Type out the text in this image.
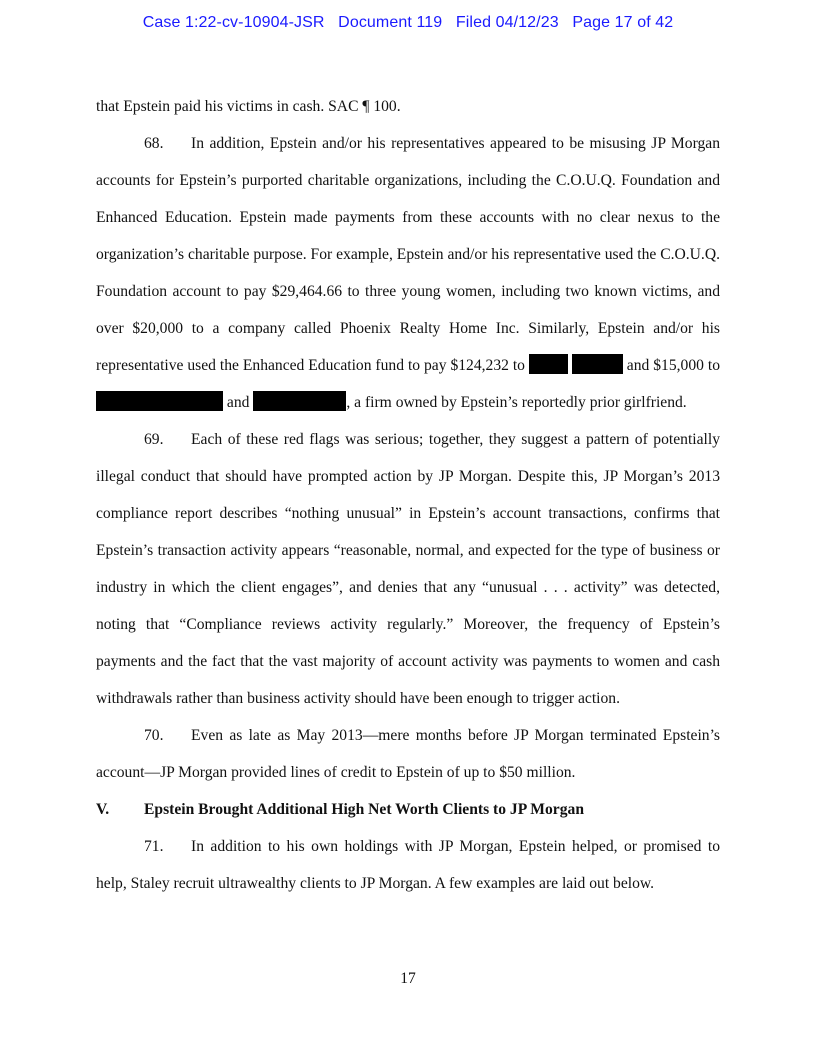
Case 1:22-cv-10904-JSR Document 119 Filed 04/12/23 Page 17 of 42

that Epstein paid his victims in cash. SAC ¶ 100.

68. In addition, Epstein and/or his representatives appeared to be misusing JP Morgan accounts for Epstein’s purported charitable organizations, including the C.O.U.Q. Foundation and Enhanced Education. Epstein made payments from these accounts with no clear nexus to the organization’s charitable purpose. For example, Epstein and/or his representative used the C.O.U.Q. Foundation account to pay $29,464.66 to three young women, including two known victims, and over $20,000 to a company called Phoenix Realty Home Inc. Similarly, Epstein and/or his representative used the Enhanced Education fund to pay $124,232 to	and $15,000 to  and	, a firm owned by Epstein’s reportedly prior girlfriend.

69. Each of these red flags was serious; together, they suggest a pattern of potentially illegal conduct that should have prompted action by JP Morgan. Despite this, JP Morgan’s 2013 compliance report describes “nothing unusual” in Epstein’s account transactions, confirms that Epstein’s transaction activity appears “reasonable, normal, and expected for the type of business or industry in which the client engages”, and denies that any “unusual . . . activity” was detected, noting that “Compliance reviews activity regularly.” Moreover, the frequency of Epstein’s payments and the fact that the vast majority of account activity was payments to women and cash withdrawals rather than business activity should have been enough to trigger action.

70. Even as late as May 2013—mere months before JP Morgan terminated Epstein’s account—JP Morgan provided lines of credit to Epstein of up to $50 million.

V. Epstein Brought Additional High Net Worth Clients to JP Morgan

71. In addition to his own holdings with JP Morgan, Epstein helped, or promised to help, Staley recruit ultrawealthy clients to JP Morgan. A few examples are laid out below.

17
